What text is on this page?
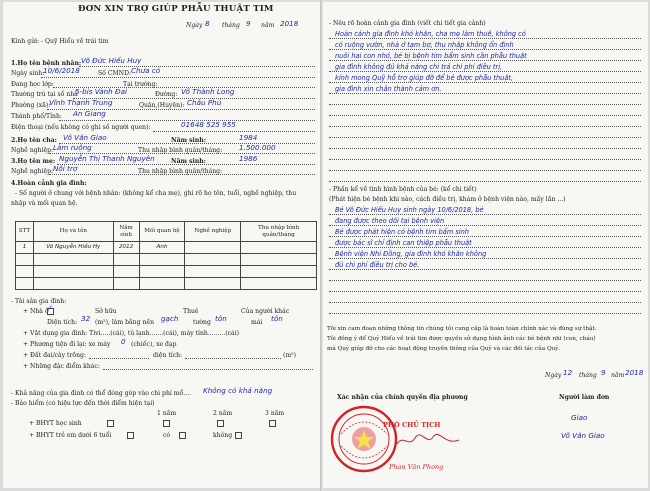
ĐƠN XIN TRỢ GIÚP PHẪU THUẬT TIM
Ngày 8 tháng 9 năm 2018
Kính gửi: - Quỹ Hiểu về trái tim
1.Họ tên bệnh nhân: Võ Đức Hiếu Huy
Ngày sinh:
10/6/2018	Số CMND: Chưa có
Đang học lớp:	Tại trường:
Thường trú tại số nhà
5-bis Vành Đai	Đường: Võ Thành Long
Phường (xã):
Vĩnh Thạnh Trung	Quận,(Huyện): Châu Phú
Thành phố/Tỉnh: An Giang
Điện thoại (nếu không có ghi số người quen):	01648 525 955
2.Họ tên cha: Võ Văn Giao	Năm sinh:	1984
Nghề nghiệp: Làm ruộng	Thu nhập bình quân/tháng: 1.500.000
3.Họ tên mẹ: Nguyễn Thị Thanh Nguyên	Năm sinh:	1986
Nghề nghiệp: Nội trợ	Thu nhập bình quân/tháng:
4.Hoàn cảnh gia đình:
- Số người ở chung với bệnh nhân: (không kể cha mẹ), ghi rõ họ tên, tuổi, nghề nghiệp, thu
nhập và mối quan hệ.
STT	Họ và tên	Năm sinh	Mối quan hệ	Nghề nghiệp	Thu nhập bình quân/tháng
1	Võ Nguyễn Hiếu Hy	2012	Anh		

- Tài sản gia đình:
+ Nhà ở
✓	Sở hữu	Thuê	Của người khác
Diện tích: 32 (m²), làm bằng nền gạch tường tôn	mái tôn
+ Vật dụng gia đình: Tivi.....(cái), tủ lạnh.......(cái), máy tính.........(cái)
+ Phương tiện đi lại: xe máy 0 (chiếc), xe đạp
+ Đất đai/cày trồng:	diện tích:	(m²)
+ Những đặc điểm khác:
- Khả năng của gia đình có thể đóng góp vào chi phí mổ.... Không có khả năng
- Bảo hiểm (có hiệu lực đến thời điểm hiện tại)
1 năm	2 năm	3 năm
+ BHYT học sinh
+ BHYT trẻ em dưới 6 tuổi	có	không
- Nêu rõ hoàn cảnh gia đình (viết chi tiết gia cảnh)
Hoàn cảnh gia đình khó khăn, cha mẹ làm thuê, không có
có ruộng vườn, nhà ở tạm bợ, thu nhập không ổn định
nuôi hai con nhỏ, bé bị bệnh tim bẩm sinh cần phẫu thuật
gia đình không đủ khả năng chi trả chi phí điều trị,
kính mong Quỹ hỗ trợ giúp đỡ để bé được phẫu thuật,
gia đình xin chân thành cảm ơn.
- Phần kể về tình hình bệnh của bé: (kể chi tiết)
(Phát hiện bé bệnh khi nào, cách điều trị, khám ở bệnh viện nào, mấy lần ...)
Bé Võ Đức Hiếu Huy sinh ngày 10/6/2018, bé
đang được theo dõi tại bệnh viện
Bé được phát hiện có bệnh tim bẩm sinh
được bác sĩ chỉ định can thiệp phẫu thuật
Bệnh viện Nhi Đồng, gia đình khó khăn không
đủ chi phí điều trị cho bé.
Tôi xin cam đoan những thông tin chúng tôi cung cấp là hoàn toàn chính xác và đúng sự thật.
Tôi đồng ý để Quỹ Hiểu về trái tim được quyền sử dụng hình ảnh các bé bệnh nhi (con, cháu)
mà Quỹ giúp đỡ cho các hoạt động truyền thông của Quỹ và các đối tác của Quỹ.
Ngày 12 tháng 9 năm 2018
Xác nhận của chính quyền địa phương	Người làm đơn
PHÓ CHỦ TỊCH
Phan Văn Phong
Giao
Võ Văn Giao
